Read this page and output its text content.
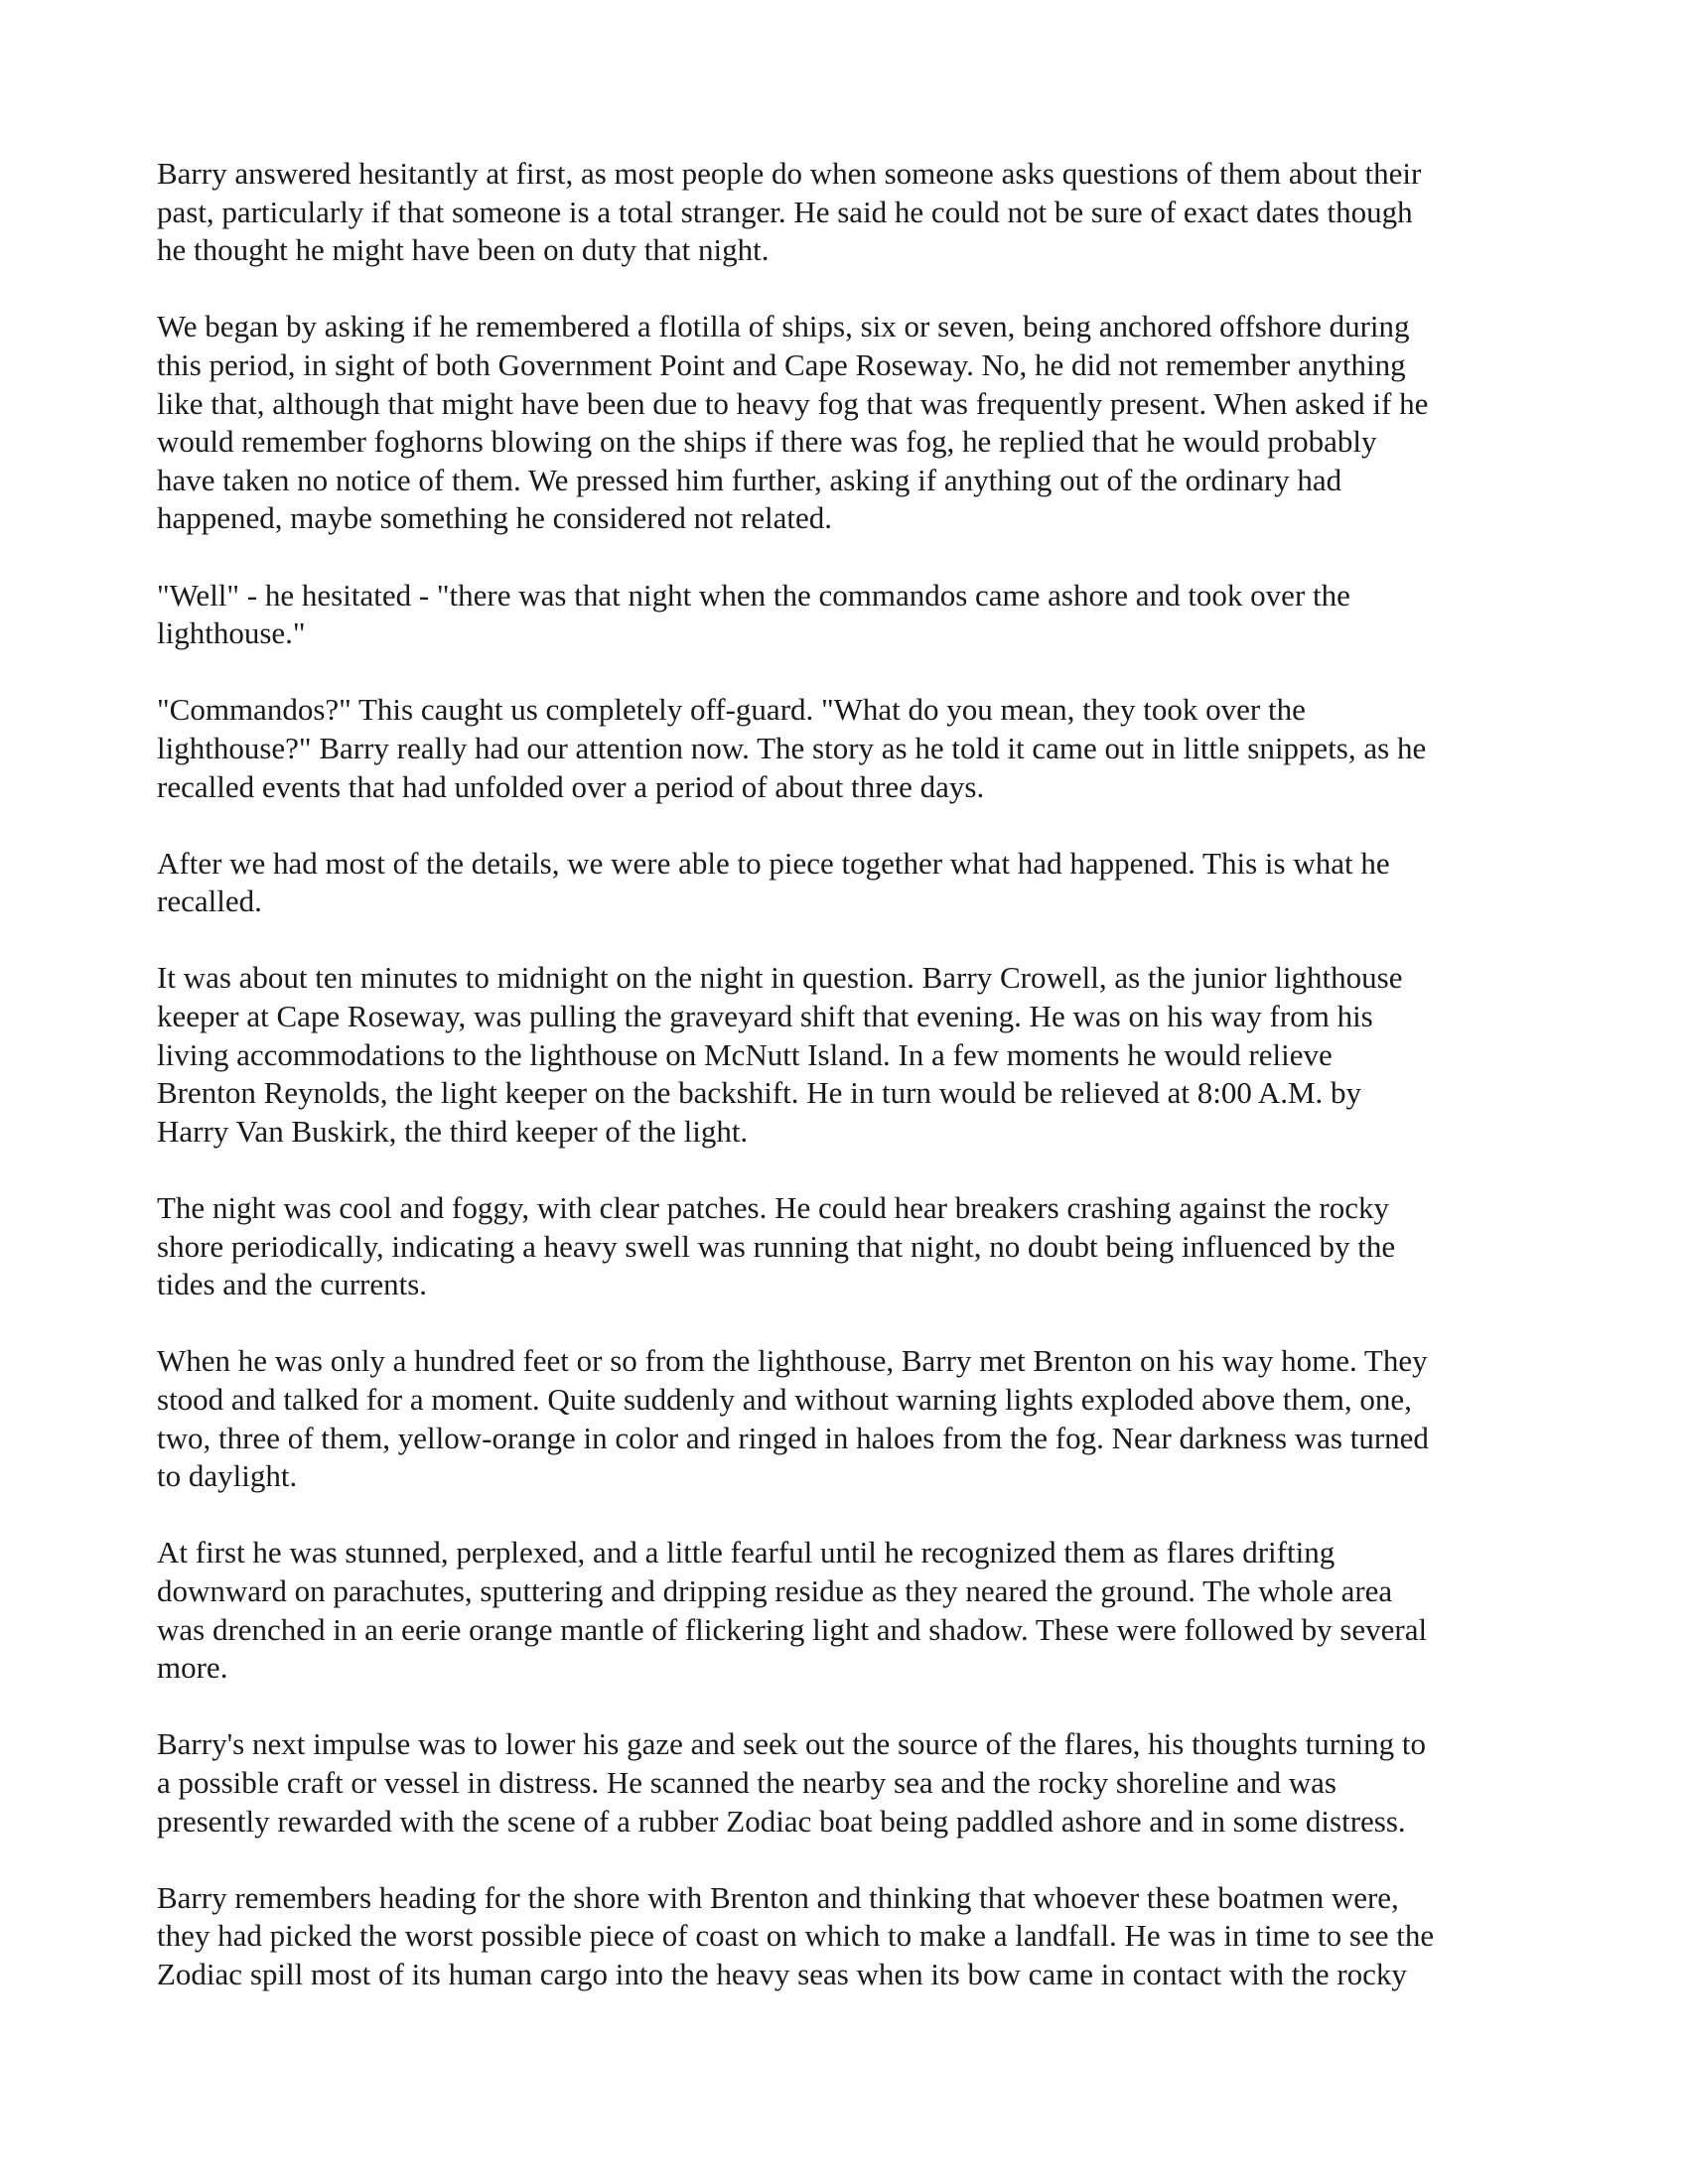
Barry answered hesitantly at first, as most people do when someone asks questions of them about their
past, particularly if that someone is a total stranger. He said he could not be sure of exact dates though
he thought he might have been on duty that night.

We began by asking if he remembered a flotilla of ships, six or seven, being anchored offshore during
this period, in sight of both Government Point and Cape Roseway. No, he did not remember anything
like that, although that might have been due to heavy fog that was frequently present. When asked if he
would remember foghorns blowing on the ships if there was fog, he replied that he would probably
have taken no notice of them. We pressed him further, asking if anything out of the ordinary had
happened, maybe something he considered not related.

"Well" - he hesitated - "there was that night when the commandos came ashore and took over the
lighthouse."

"Commandos?" This caught us completely off-guard. "What do you mean, they took over the
lighthouse?" Barry really had our attention now. The story as he told it came out in little snippets, as he
recalled events that had unfolded over a period of about three days.

After we had most of the details, we were able to piece together what had happened. This is what he
recalled.

It was about ten minutes to midnight on the night in question. Barry Crowell, as the junior lighthouse
keeper at Cape Roseway, was pulling the graveyard shift that evening. He was on his way from his
living accommodations to the lighthouse on McNutt Island. In a few moments he would relieve
Brenton Reynolds, the light keeper on the backshift. He in turn would be relieved at 8:00 A.M. by
Harry Van Buskirk, the third keeper of the light.

The night was cool and foggy, with clear patches. He could hear breakers crashing against the rocky
shore periodically, indicating a heavy swell was running that night, no doubt being influenced by the
tides and the currents.

When he was only a hundred feet or so from the lighthouse, Barry met Brenton on his way home. They
stood and talked for a moment. Quite suddenly and without warning lights exploded above them, one,
two, three of them, yellow-orange in color and ringed in haloes from the fog. Near darkness was turned
to daylight.

At first he was stunned, perplexed, and a little fearful until he recognized them as flares drifting
downward on parachutes, sputtering and dripping residue as they neared the ground. The whole area
was drenched in an eerie orange mantle of flickering light and shadow. These were followed by several
more.

Barry's next impulse was to lower his gaze and seek out the source of the flares, his thoughts turning to
a possible craft or vessel in distress. He scanned the nearby sea and the rocky shoreline and was
presently rewarded with the scene of a rubber Zodiac boat being paddled ashore and in some distress.

Barry remembers heading for the shore with Brenton and thinking that whoever these boatmen were,
they had picked the worst possible piece of coast on which to make a landfall. He was in time to see the
Zodiac spill most of its human cargo into the heavy seas when its bow came in contact with the rocky
